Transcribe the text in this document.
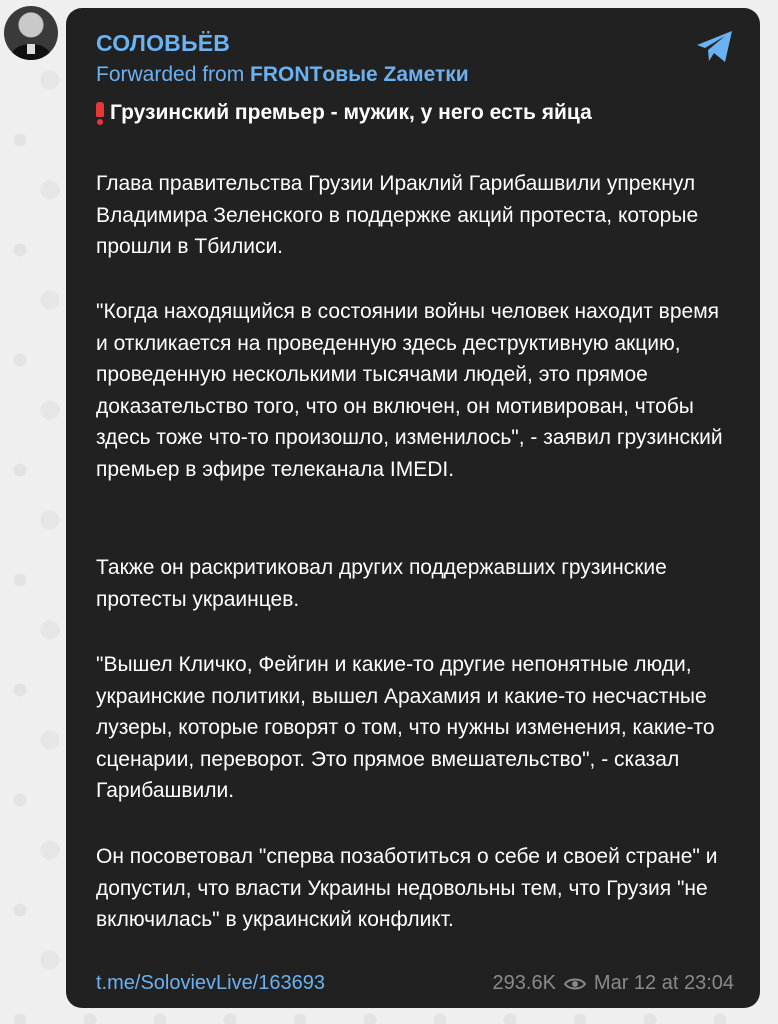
СОЛОВЬЁВ
Forwarded from FRONTовые Zаметки
Грузинский премьер - мужик, у него есть яйца

Глава правительства Грузии Ираклий Гарибашвили упрекнул Владимира Зеленского в поддержке акций протеста, которые прошли в Тбилиси.

"Когда находящийся в состоянии войны человек находит время и откликается на проведенную здесь деструктивную акцию, проведенную несколькими тысячами людей, это прямое доказательство того, что он включен, он мотивирован, чтобы здесь тоже что-то произошло, изменилось", - заявил грузинский премьер в эфире телеканала IMEDI.

Также он раскритиковал других поддержавших грузинские протесты украинцев.

"Вышел Кличко, Фейгин и какие-то другие непонятные люди, украинские политики, вышел Арахамия и какие-то несчастные лузеры, которые говорят о том, что нужны изменения, какие-то сценарии, переворот. Это прямое вмешательство", - сказал Гарибашвили.

Он посоветовал "сперва позаботиться о себе и своей стране" и допустил, что власти Украины недовольны тем, что Грузия "не включилась" в украинский конфликт.

t.me/SolovievLive/163693	293.6K Mar 12 at 23:04
